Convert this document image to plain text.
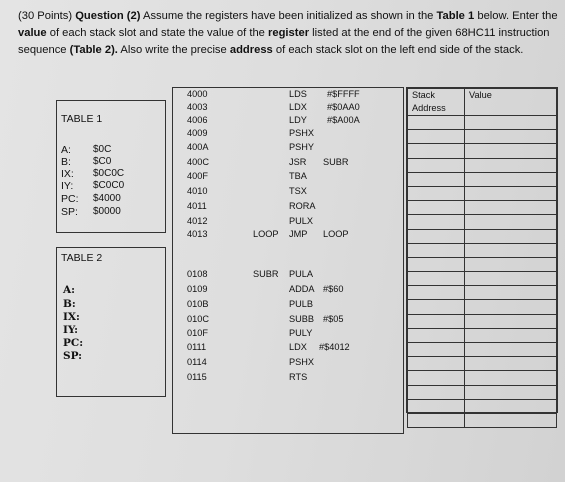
(30 Points) Question (2) Assume the registers have been initialized as shown in the Table 1 below. Enter the value of each stack slot and state the value of the register listed at the end of the given 68HC11 instruction sequence (Table 2). Also write the precise address of each stack slot on the left end side of the stack.
TABLE 1
A: $0C
B: $C0
IX: $0C0C
IY: $C0C0
PC: $4000
SP: $0000
TABLE 2
A:
B:
IX:
IY:
PC:
SP:
4000	LDS #$FFFF
4003	LDX #$0AA0
4006	LDY #$A00A
4009	PSHX
400A	PSHY
400C	JSR SUBR
400F	TBA
4010	TSX
4011	RORA
4012	PULX
4013	LOOP JMP LOOP
0108	SUBR PULA
0109	ADDA #$60
010B	PULB
010C	SUBB #$05
010F	PULY
0111	LDX #$4012
0114	PSHX
0115	RTS
Stack
Address	Value
